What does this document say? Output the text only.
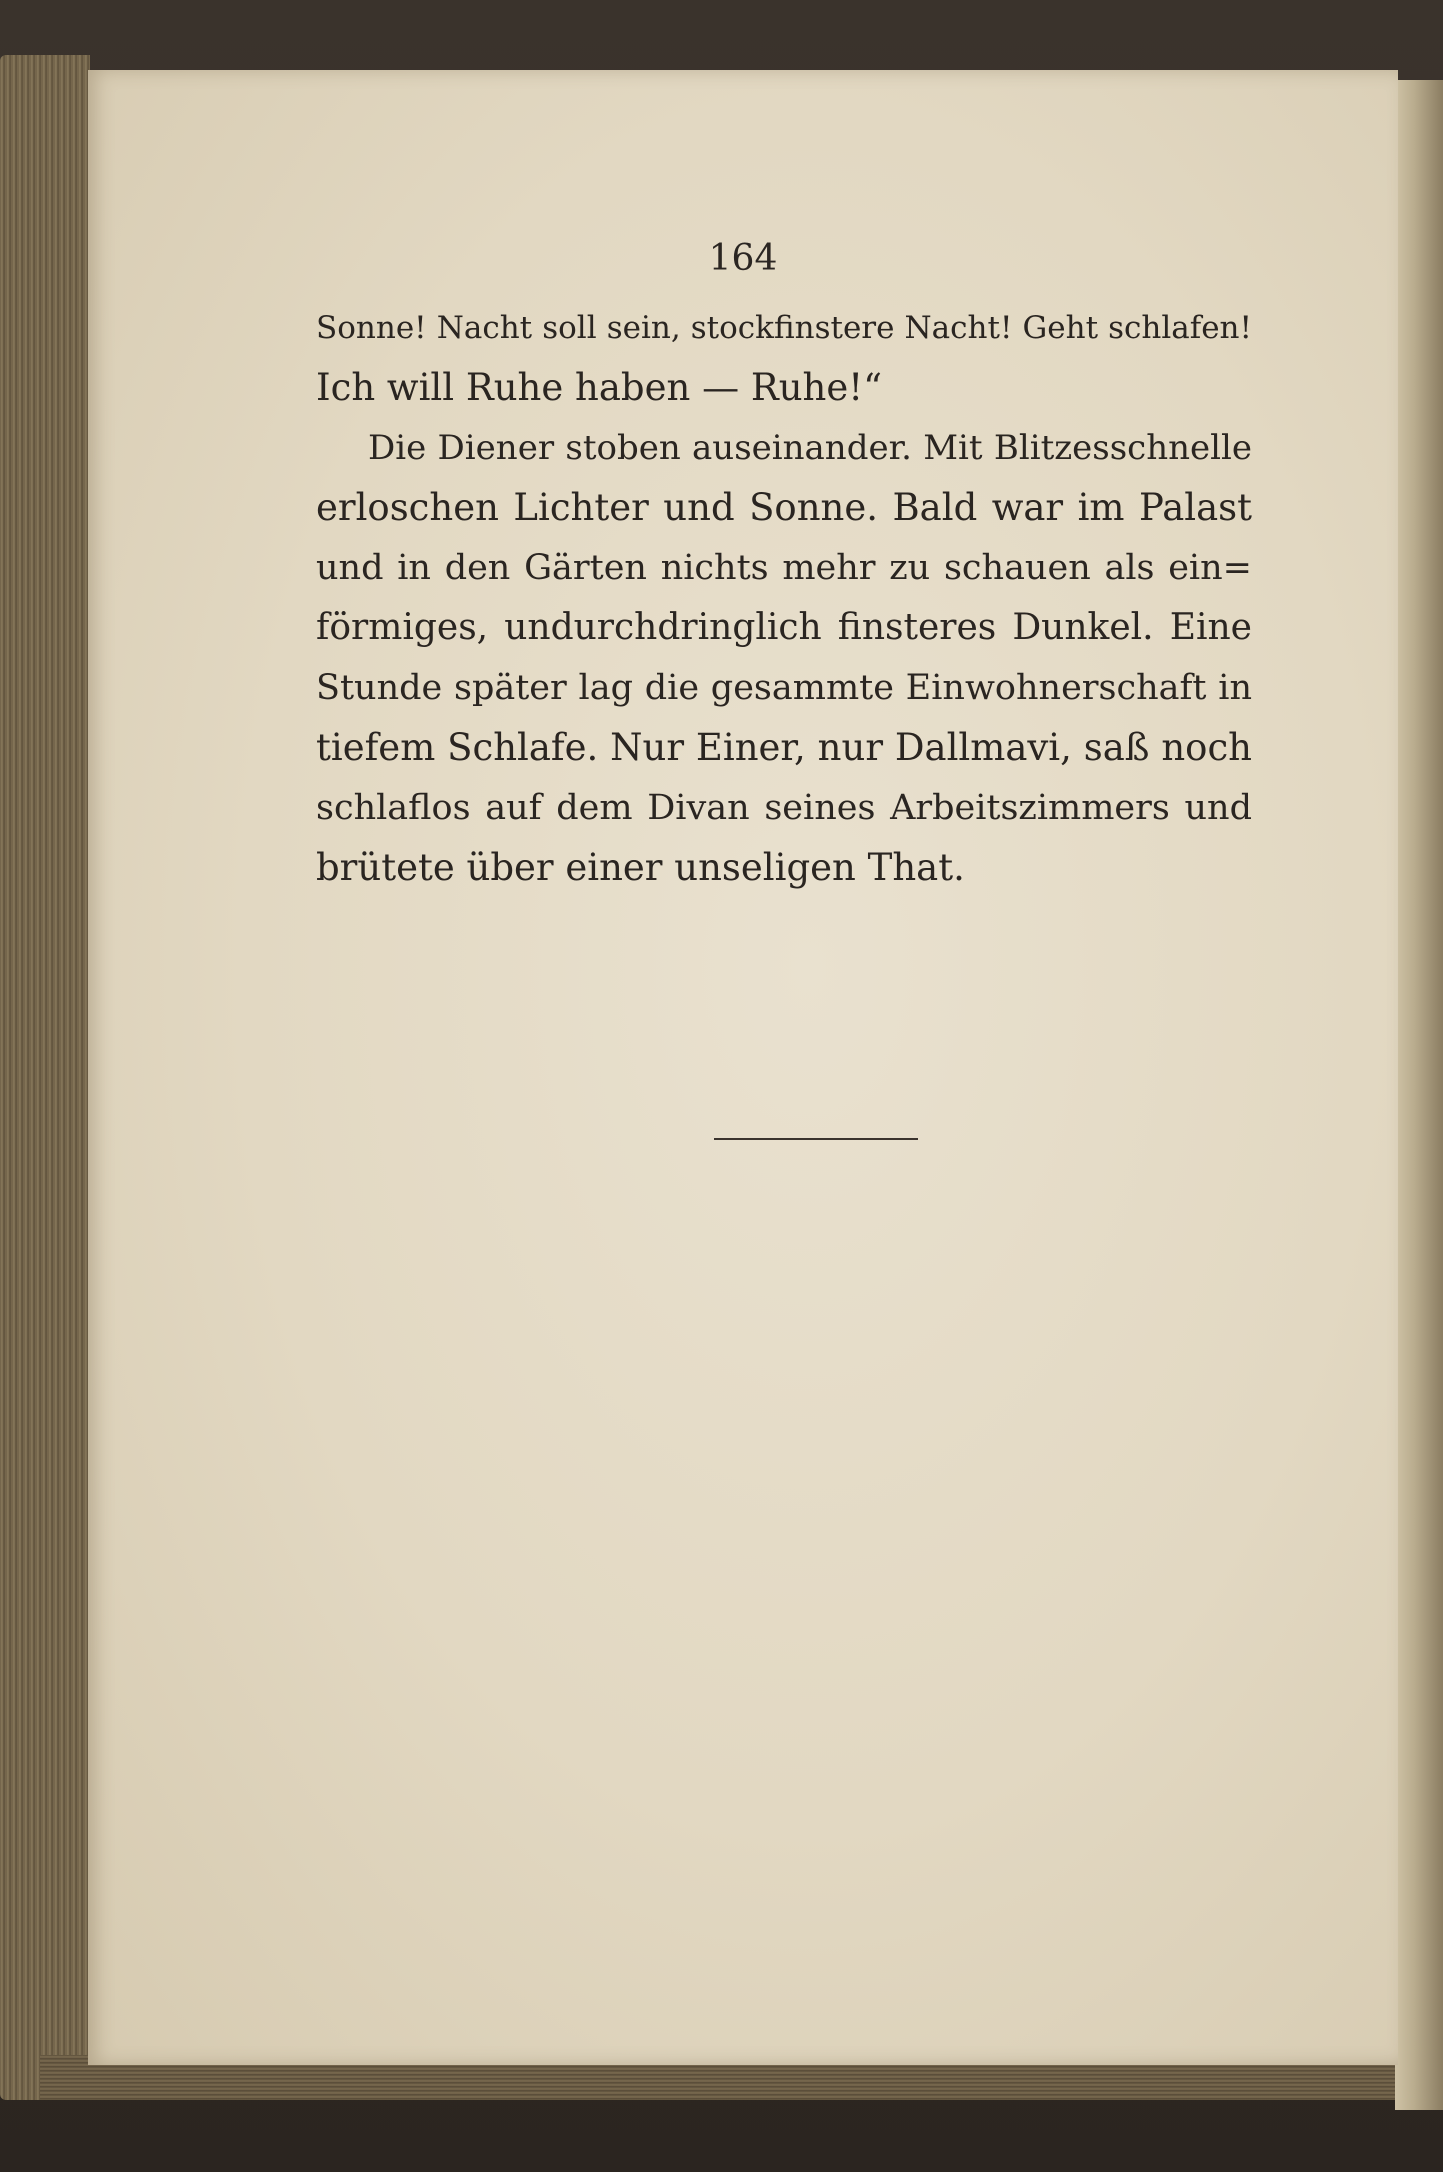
164
Sonne! Nacht soll sein, stockfinstere Nacht! Geht schlafen!
Ich will Ruhe haben — Ruhe!“
Die Diener stoben auseinander. Mit Blitzesschnelle
erloschen Lichter und Sonne. Bald war im Palast
und in den Gärten nichts mehr zu schauen als ein=
förmiges, undurchdringlich finsteres Dunkel. Eine
Stunde später lag die gesammte Einwohnerschaft in
tiefem Schlafe. Nur Einer, nur Dallmavi, saß noch
schlaflos auf dem Divan seines Arbeitszimmers und
brütete über einer unseligen That.
